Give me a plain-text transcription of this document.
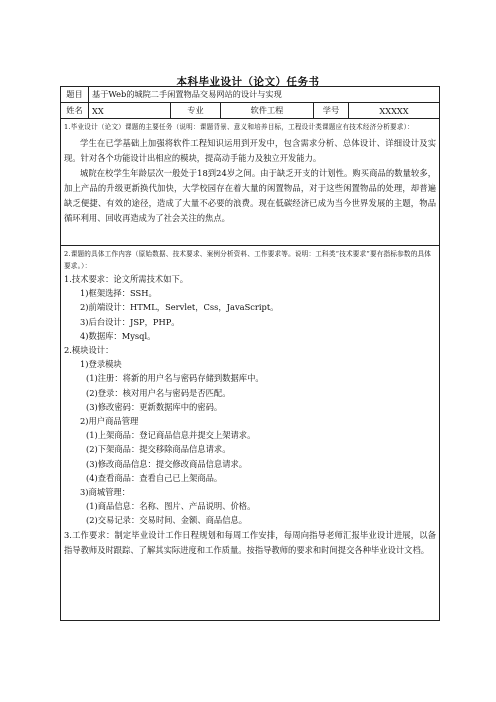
本科毕业设计（论文）任务书
题目	基于Web的城院二手闲置物品交易网站的设计与实现
姓名	XX	专业	软件工程	学号	XXXXX
1.毕业设计（论文）课题的主要任务（说明：课题背景、意义和培养目标，工程设计类课题应有技术经济分析要求）：

学生在已学基础上加强将软件工程知识运用到开发中，包含需求分析、总体设计、详细设计及实现。针对各个功能设计出相应的模块，提高动手能力及独立开发能力。

城院在校学生年龄层次一般处于18到24岁之间。由于缺乏开支的计划性。购买商品的数量较多，加上产品的升级更新换代加快，大学校园存在着大量的闲置物品，对于这些闲置物品的处理，却普遍缺乏便捷、有效的途径，造成了大量不必要的浪费。现在低碳经济已成为当今世界发展的主题，物品循环利用、回收再造成为了社会关注的焦点。

2.课题的具体工作内容（原始数据、技术要求、案例分析资料、工作要求等。说明：工科类“技术要求”要有指标参数的具体要求。）：

1.技术要求：论文所需技术如下。

1)框架选择：SSH。

2)前端设计：HTML，Servlet，Css，JavaScript。

3)后台设计：JSP，PHP。

4)数据库：Mysql。

2.模块设计：

1)登录模块

(1)注册：将新的用户名与密码存储到数据库中。

(2)登录：核对用户名与密码是否匹配。

(3)修改密码：更新数据库中的密码。

2)用户商品管理

(1)上架商品：登记商品信息并提交上架请求。

(2)下架商品：提交移除商品信息请求。

(3)修改商品信息：提交修改商品信息请求。

(4)查看商品：查看自己已上架商品。

3)商城管理：

(1)商品信息：名称、图片、产品说明、价格。

(2)交易记录：交易时间、金额、商品信息。

3.工作要求：制定毕业设计工作日程规划和每周工作安排，每周向指导老师汇报毕业设计进展，以备指导教师及时跟踪、了解其实际进度和工作质量。按指导教师的要求和时间提交各种毕业设计文档。
